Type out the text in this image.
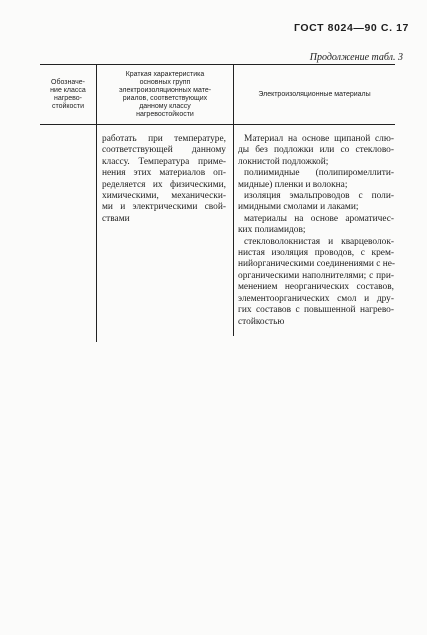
ГОСТ 8024—90 С. 17
Продолжение табл. 3
Обозначе-
ние класса
нагрево-
стойкости
Краткая характеристика
основных групп
электроизоляционных мате-
риалов, соответствующих
данному классу
нагревостойкости
Электроизоляционные материалы
работать при температуре,
соответствующей данному
классу. Температура приме-
нения этих материалов оп-
ределяется их физическими,
химическими, механически-
ми и электрическими свой-
ствами
Материал на основе щипаной слю-
ды без подложки или со стеклово-
локнистой подложкой;
полиимидные (полипиромеллити-
мидные) пленки и волокна;
изоляция эмальпроводов с поли-
имидными смолами и лаками;
материалы на основе ароматичес-
ких полиамидов;
стекловолокнистая и кварцеволок-
нистая изоляция проводов, с крем-
нийорганическими соединениями с не-
органическими наполнителями; с при-
менением неорганических составов,
элементоорганических смол и дру-
гих составов с повышенной нагрево-
стойкостью
